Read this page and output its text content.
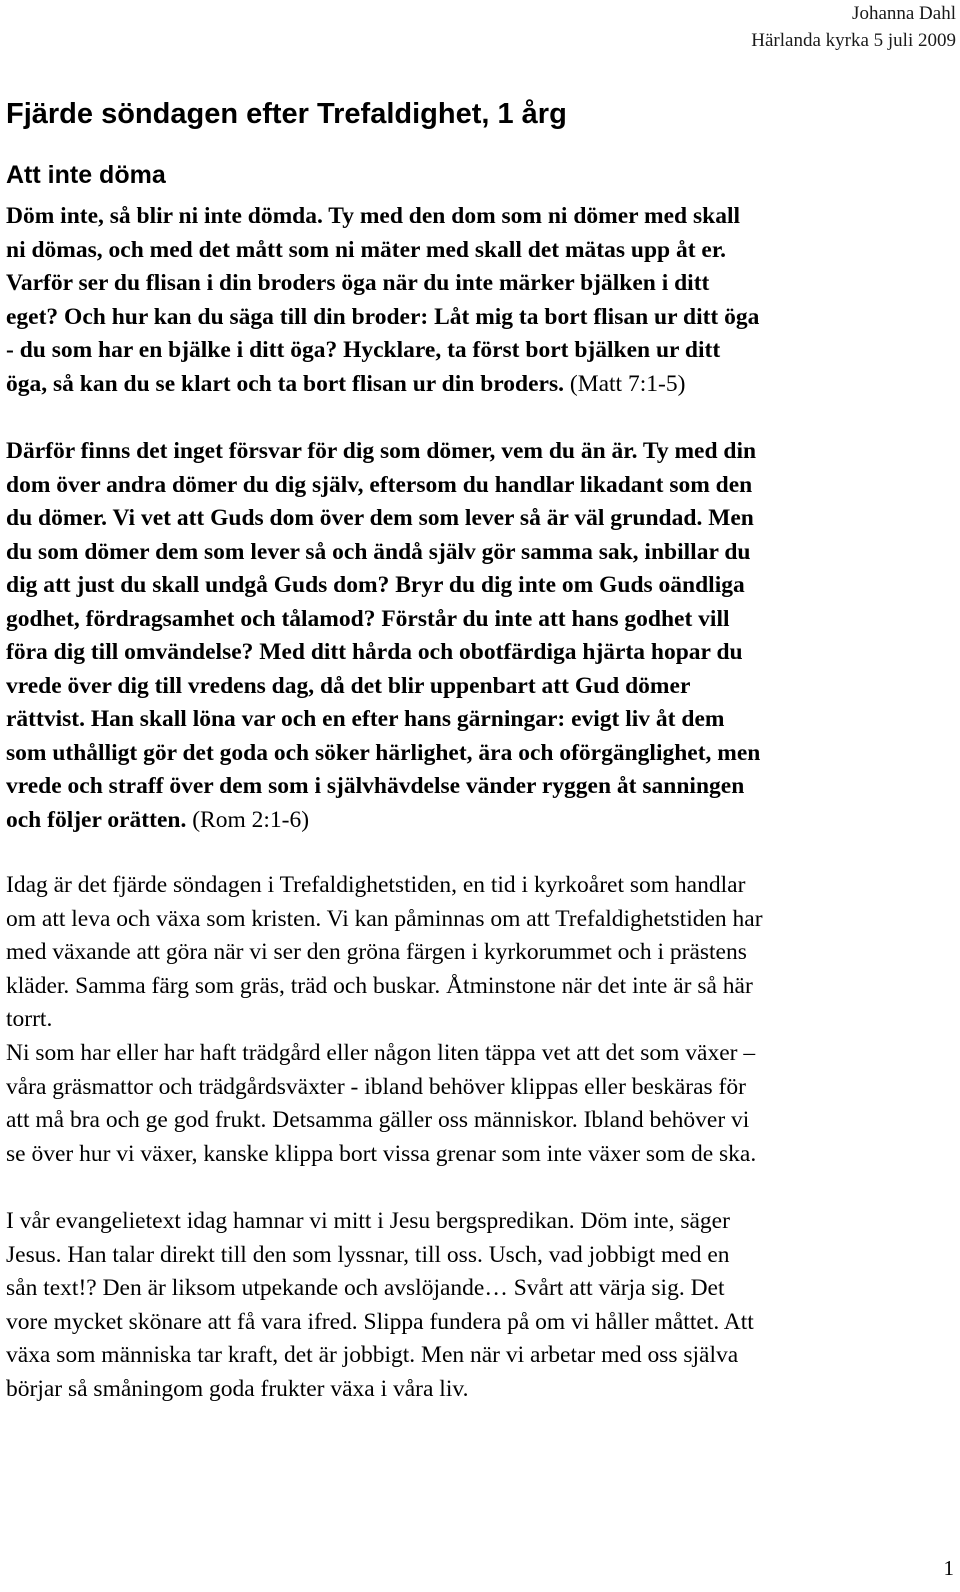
Johanna Dahl
Härlanda kyrka 5 juli 2009
Fjärde söndagen efter Trefaldighet, 1 årg
Att inte döma

Döm inte, så blir ni inte dömda. Ty med den dom som ni dömer med skall
ni dömas, och med det mått som ni mäter med skall det mätas upp åt er.
Varför ser du flisan i din broders öga när du inte märker bjälken i ditt
eget? Och hur kan du säga till din broder: Låt mig ta bort flisan ur ditt öga
- du som har en bjälke i ditt öga? Hycklare, ta först bort bjälken ur ditt
öga, så kan du se klart och ta bort flisan ur din broders. (Matt 7:1-5)

Därför finns det inget försvar för dig som dömer, vem du än är. Ty med din
dom över andra dömer du dig själv, eftersom du handlar likadant som den
du dömer. Vi vet att Guds dom över dem som lever så är väl grundad. Men
du som dömer dem som lever så och ändå själv gör samma sak, inbillar du
dig att just du skall undgå Guds dom? Bryr du dig inte om Guds oändliga
godhet, fördragsamhet och tålamod? Förstår du inte att hans godhet vill
föra dig till omvändelse? Med ditt hårda och obotfärdiga hjärta hopar du
vrede över dig till vredens dag, då det blir uppenbart att Gud dömer
rättvist. Han skall löna var och en efter hans gärningar: evigt liv åt dem
som uthålligt gör det goda och söker härlighet, ära och oförgänglighet, men
vrede och straff över dem som i självhävdelse vänder ryggen åt sanningen
och följer orätten. (Rom 2:1-6)

Idag är det fjärde söndagen i Trefaldighetstiden, en tid i kyrkoåret som handlar
om att leva och växa som kristen. Vi kan påminnas om att Trefaldighetstiden har
med växande att göra när vi ser den gröna färgen i kyrkorummet och i prästens
kläder. Samma färg som gräs, träd och buskar. Åtminstone när det inte är så här
torrt.

Ni som har eller har haft trädgård eller någon liten täppa vet att det som växer –
våra gräsmattor och trädgårdsväxter - ibland behöver klippas eller beskäras för
att må bra och ge god frukt. Detsamma gäller oss människor. Ibland behöver vi
se över hur vi växer, kanske klippa bort vissa grenar som inte växer som de ska.

I vår evangelietext idag hamnar vi mitt i Jesu bergspredikan. Döm inte, säger
Jesus. Han talar direkt till den som lyssnar, till oss. Usch, vad jobbigt med en
sån text!? Den är liksom utpekande och avslöjande… Svårt att värja sig. Det
vore mycket skönare att få vara ifred. Slippa fundera på om vi håller måttet. Att
växa som människa tar kraft, det är jobbigt. Men när vi arbetar med oss själva
börjar så småningom goda frukter växa i våra liv.

1
